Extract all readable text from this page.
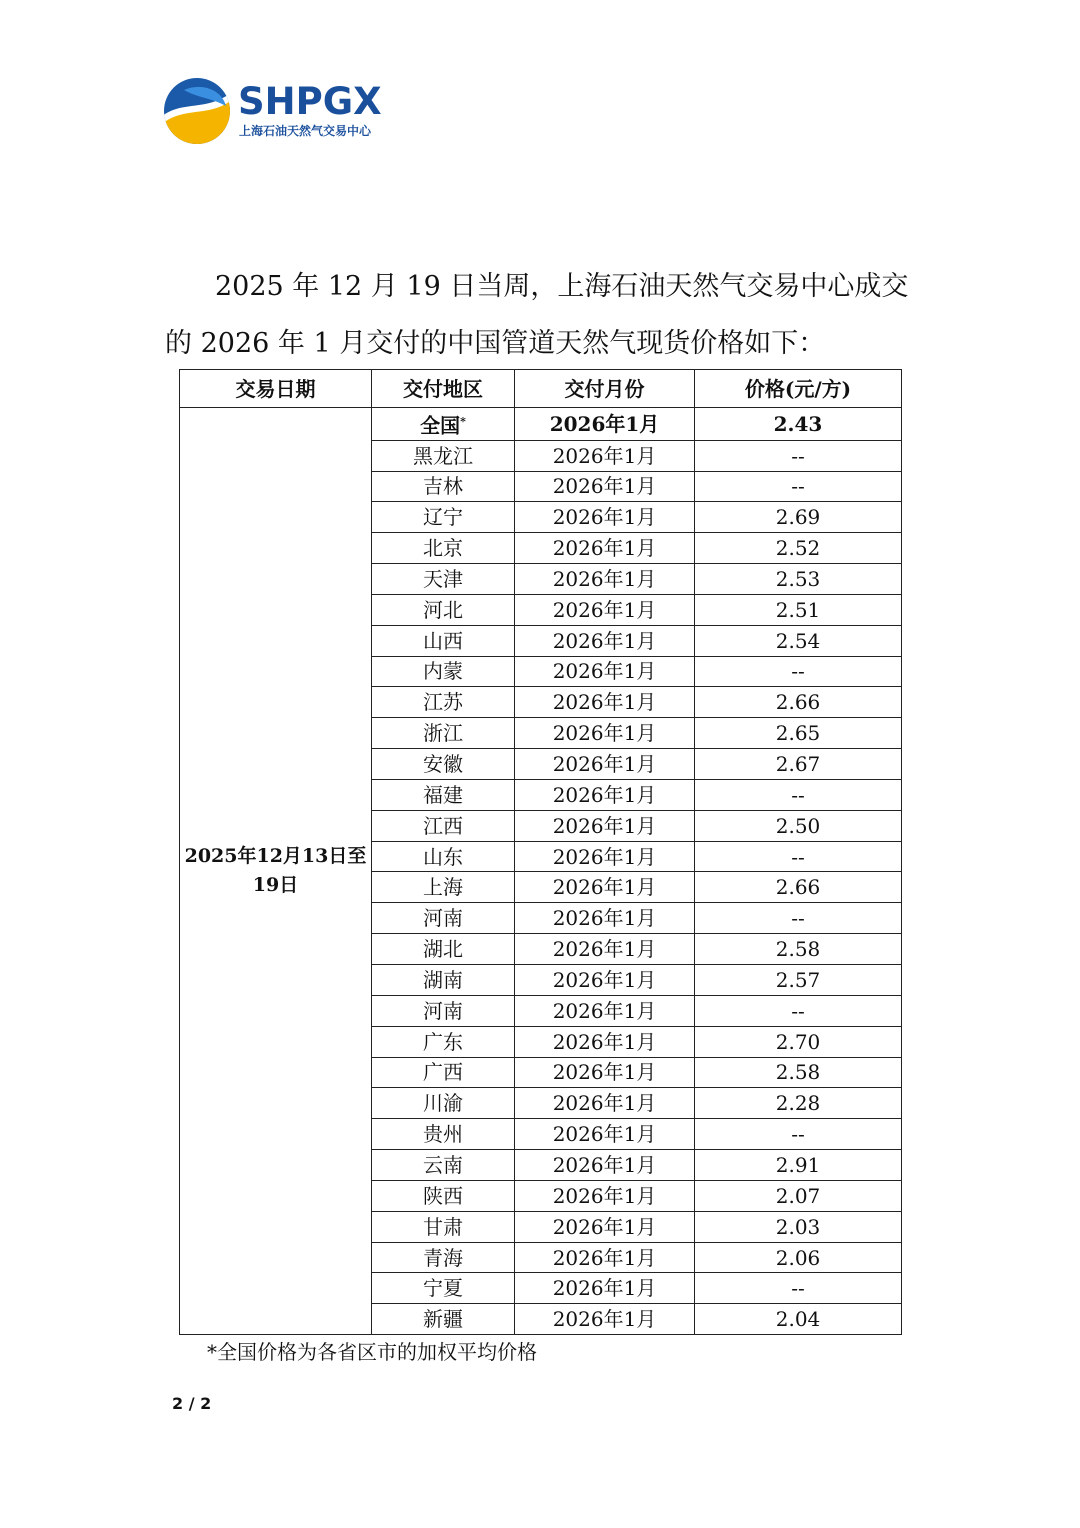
SHPGX
上海石油天然气交易中心

2025 年 12 月 19 日当周，上海石油天然气交易中心成交
的 2026 年 1 月交付的中国管道天然气现货价格如下：

交易日期	交付地区	交付月份	价格(元/方)
2025年12月13日至19日	全国*	2026年1月	2.43
	黑龙江	2026年1月	--
	吉林	2026年1月	--
	辽宁	2026年1月	2.69
	北京	2026年1月	2.52
	天津	2026年1月	2.53
	河北	2026年1月	2.51
	山西	2026年1月	2.54
	内蒙	2026年1月	--
	江苏	2026年1月	2.66
	浙江	2026年1月	2.65
	安徽	2026年1月	2.67
	福建	2026年1月	--
	江西	2026年1月	2.50
	山东	2026年1月	--
	上海	2026年1月	2.66
	河南	2026年1月	--
	湖北	2026年1月	2.58
	湖南	2026年1月	2.57
	河南	2026年1月	--
	广东	2026年1月	2.70
	广西	2026年1月	2.58
	川渝	2026年1月	2.28
	贵州	2026年1月	--
	云南	2026年1月	2.91
	陕西	2026年1月	2.07
	甘肃	2026年1月	2.03
	青海	2026年1月	2.06
	宁夏	2026年1月	--
	新疆	2026年1月	2.04
*全国价格为各省区市的加权平均价格
2 / 2
